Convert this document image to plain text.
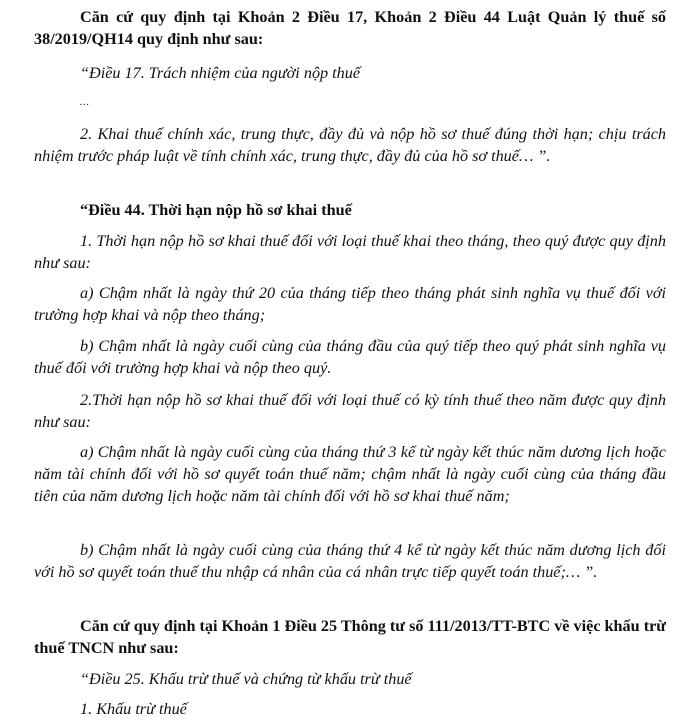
Căn cứ quy định tại Khoản 2 Điều 17, Khoản 2 Điều 44 Luật Quản lý thuế số 38/2019/QH14 quy định như sau:

“Điều 17. Trách nhiệm của người nộp thuế

…

2. Khai thuế chính xác, trung thực, đầy đủ và nộp hồ sơ thuế đúng thời hạn; chịu trách nhiệm trước pháp luật về tính chính xác, trung thực, đầy đủ của hồ sơ thuế… ”.

“Điều 44. Thời hạn nộp hồ sơ khai thuế

1. Thời hạn nộp hồ sơ khai thuế đối với loại thuế khai theo tháng, theo quý được quy định như sau:

a) Chậm nhất là ngày thứ 20 của tháng tiếp theo tháng phát sinh nghĩa vụ thuế đối với trường hợp khai và nộp theo tháng;

b) Chậm nhất là ngày cuối cùng của tháng đầu của quý tiếp theo quý phát sinh nghĩa vụ thuế đối với trường hợp khai và nộp theo quý.

2.Thời hạn nộp hồ sơ khai thuế đối với loại thuế có kỳ tính thuế theo năm được quy định như sau:

a) Chậm nhất là ngày cuối cùng của tháng thứ 3 kể từ ngày kết thúc năm dương lịch hoặc năm tài chính đối với hồ sơ quyết toán thuế năm; chậm nhất là ngày cuối cùng của tháng đầu tiên của năm dương lịch hoặc năm tài chính đối với hồ sơ khai thuế năm;

b) Chậm nhất là ngày cuối cùng của tháng thứ 4 kể từ ngày kết thúc năm dương lịch đối với hồ sơ quyết toán thuế thu nhập cá nhân của cá nhân trực tiếp quyết toán thuế;… ”.

Căn cứ quy định tại Khoản 1 Điều 25 Thông tư số 111/2013/TT-BTC về việc khấu trừ thuế TNCN như sau:

“Điều 25. Khấu trừ thuế và chứng từ khấu trừ thuế

1. Khấu trừ thuế
